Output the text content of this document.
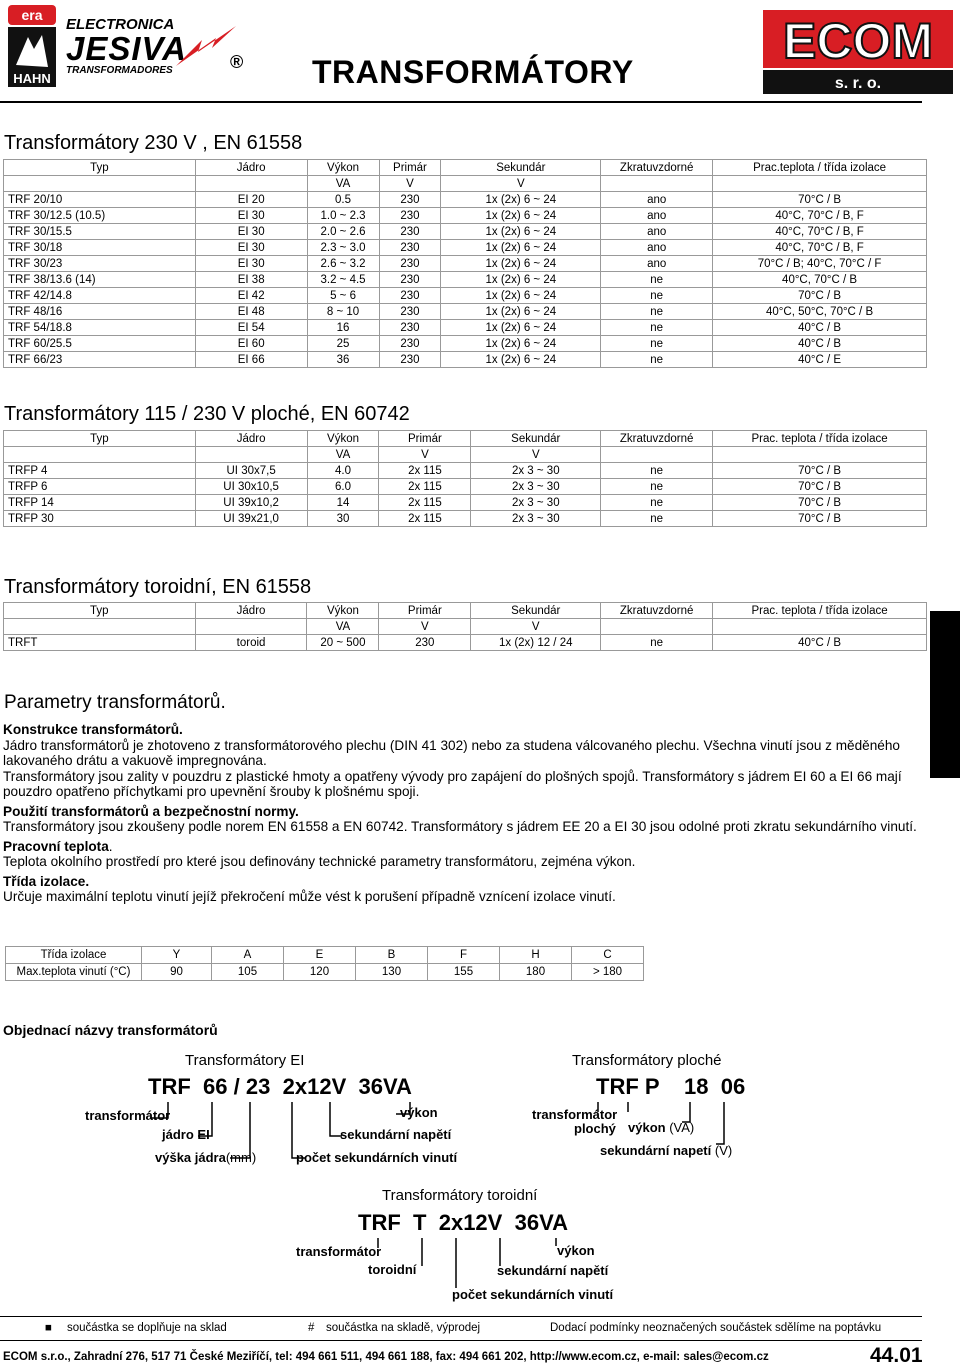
era
HAHN
ELECTRONICA
JESIVA
TRANSFORMADORES	® TRANSFORMÁTORY
ECOM
s. r. o.
Transformátory 230 V , EN 61558
Typ	Jádro	Výkon	Primár	Sekundár	Zkratuvzdorné	Prac.teplota / třída izolace
		VA	V	V		
TRF 20/10	EI 20	0.5	230	1x (2x) 6 ~ 24	ano	70°C / B
TRF 30/12.5 (10.5)	EI 30	1.0 ~ 2.3	230	1x (2x) 6 ~ 24	ano	40°C, 70°C / B, F
TRF 30/15.5	EI 30	2.0 ~ 2.6	230	1x (2x) 6 ~ 24	ano	40°C, 70°C / B, F
TRF 30/18	EI 30	2.3 ~ 3.0	230	1x (2x) 6 ~ 24	ano	40°C, 70°C / B, F
TRF 30/23	EI 30	2.6 ~ 3.2	230	1x (2x) 6 ~ 24	ano	70°C / B; 40°C, 70°C / F
TRF 38/13.6 (14)	EI 38	3.2 ~ 4.5	230	1x (2x) 6 ~ 24	ne	40°C, 70°C / B
TRF 42/14.8	EI 42	5 ~ 6	230	1x (2x) 6 ~ 24	ne	70°C / B
TRF 48/16	EI 48	8 ~ 10	230	1x (2x) 6 ~ 24	ne	40°C, 50°C, 70°C / B
TRF 54/18.8	EI 54	16	230	1x (2x) 6 ~ 24	ne	40°C / B
TRF 60/25.5	EI 60	25	230	1x (2x) 6 ~ 24	ne	40°C / B
TRF 66/23	EI 66	36	230	1x (2x) 6 ~ 24	ne	40°C / E
Transformátory 115 / 230 V ploché, EN 60742
Typ	Jádro	Výkon	Primár	Sekundár	Zkratuvzdorné	Prac. teplota / třída izolace
		VA	V	V		
TRFP 4	UI 30x7,5	4.0	2x 115	2x 3 ~ 30	ne	70°C / B
TRFP 6	UI 30x10,5	6.0	2x 115	2x 3 ~ 30	ne	70°C / B
TRFP 14	UI 39x10,2	14	2x 115	2x 3 ~ 30	ne	70°C / B
TRFP 30	UI 39x21,0	30	2x 115	2x 3 ~ 30	ne	70°C / B
Transformátory toroidní, EN 61558
Typ	Jádro	Výkon	Primár	Sekundár	Zkratuvzdorné	Prac. teplota / třída izolace
		VA	V	V		
TRFT	toroid	20 ~ 500	230	1x (2x) 12 / 24	ne	40°C / B
D
Parametry transformátorů.
Konstrukce transformátorů.
Jádro transformátorů je zhotoveno z transformátorového plechu (DIN 41 302) nebo za studena válcovaného plechu. Všechna vinutí jsou z měděného lakovaného drátu a vakuově impregnována.
Transformátory jsou zality v pouzdru z plastické hmoty a opatřeny vývody pro zapájení do plošných spojů. Transformátory s jádrem EI 60 a EI 66 mají pouzdro opatřeno příchytkami pro upevnění šrouby k plošnému spoji.
Použití transformátorů a bezpečnostní normy.
Transformátory jsou zkoušeny podle norem EN 61558 a EN 60742. Transformátory s jádrem EE 20 a EI 30 jsou odolné proti zkratu sekundárního vinutí.
Pracovní teplota.
Teplota okolního prostředí pro které jsou definovány technické parametry transformátoru, zejména výkon.
Třída izolace.
Určuje maximální teplotu vinutí jejíž překročení může vést k porušení případně vznícení izolace vinutí.
Třída izolace	Y	A	E	B	F	H	C
Max.teplota vinutí (°C)	90	105	120	130	155	180	> 180
Objednací názvy transformátorů
Transformátory EI
TRF 66 / 23 2x12V 36VA
transformátor
jádro EI
výška jádra(mm)
výkon
sekundární napětí
počet sekundárních vinutí
Transformátory ploché
TRF P 18 06
transformátor
plochý výkon (VA)
sekundární napetí (V)
Transformátory toroidní
TRF T 2x12V 36VA
transformátor
toroidní
výkon
sekundární napětí
počet sekundárních vinutí
■ součástka se doplňuje na sklad	# součástka na skladě, výprodej	Dodací podmínky neoznačených součástek sdělíme na poptávku
ECOM s.r.o., Zahradní 276, 517 71 České Meziříčí, tel: 494 661 511, 494 661 188, fax: 494 661 202, http://www.ecom.cz, e-mail: sales@ecom.cz	44.01
